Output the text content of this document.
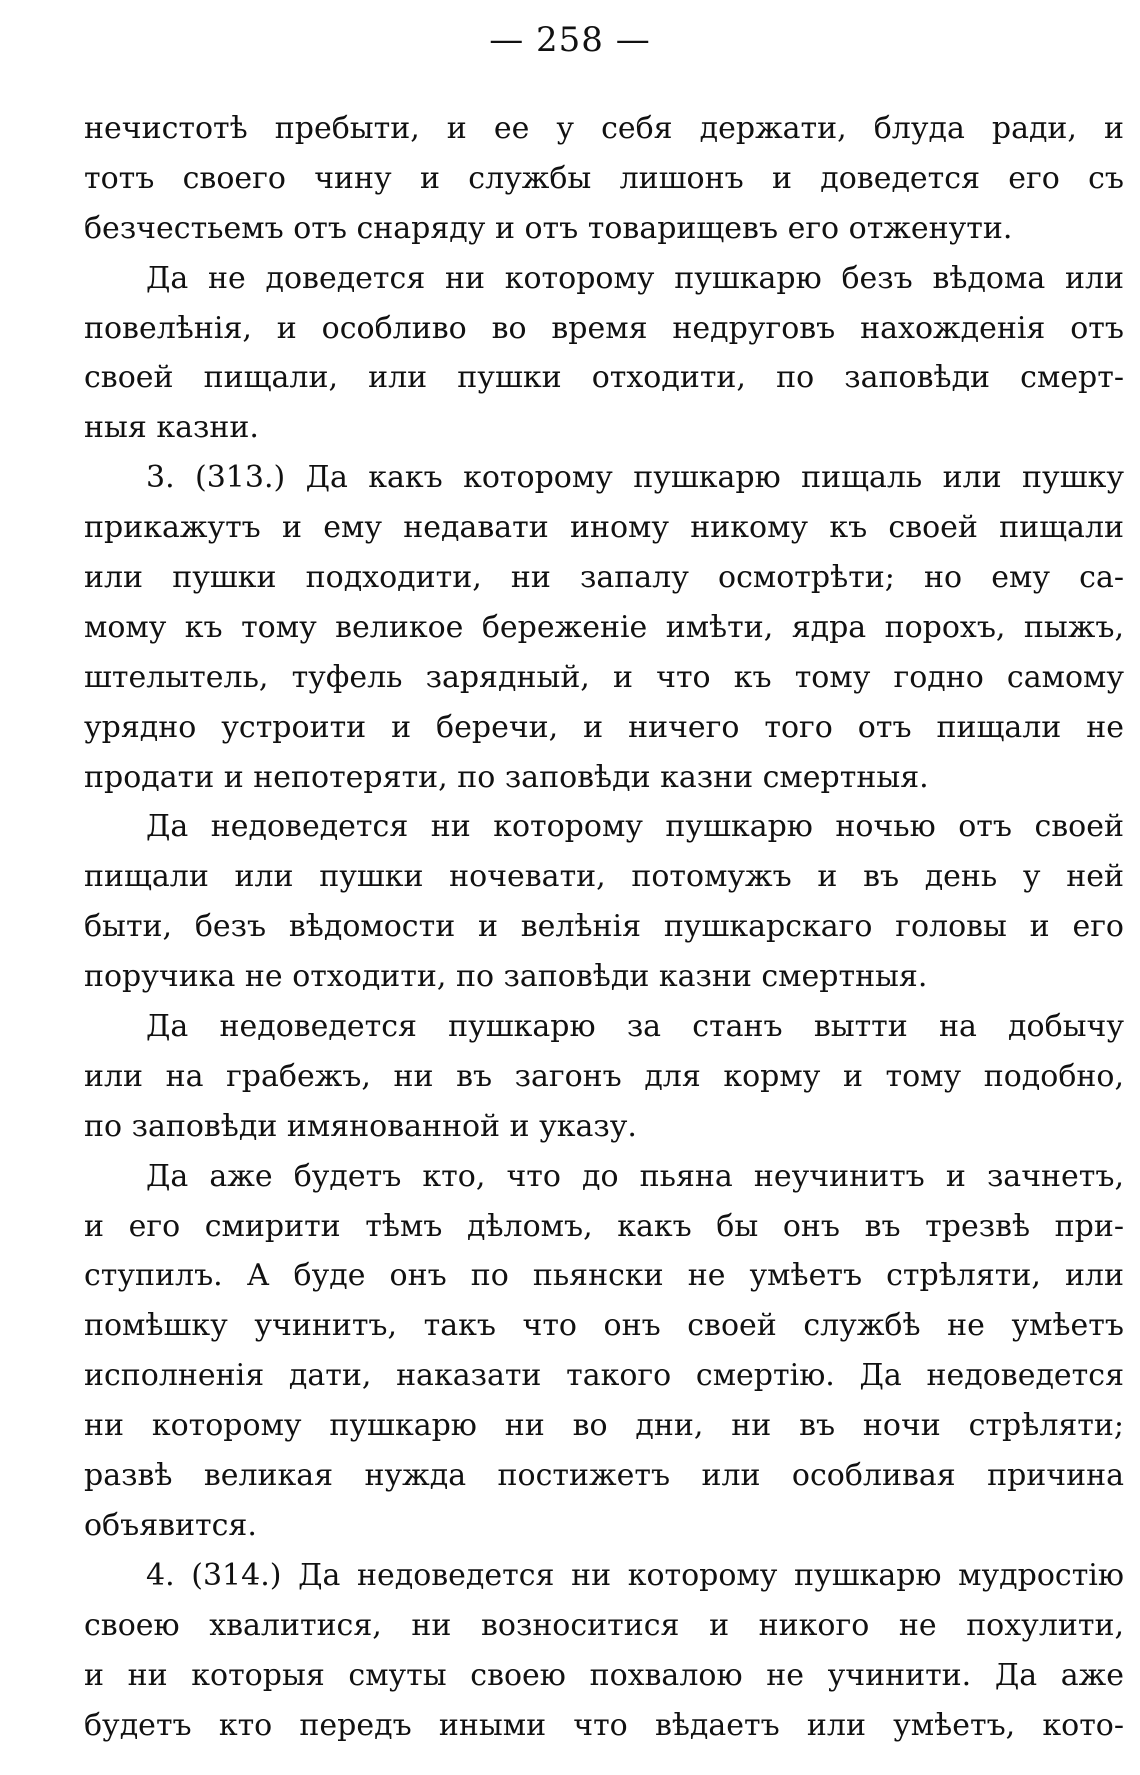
— 258 —
нечистотѣ пребыти, и ее у себя держати, блуда ради, и
тотъ своего чину и службы лишонъ и доведется его съ
безчестьемъ отъ снаряду и отъ товарищевъ его отженути.
Да не доведется ни которому пушкарю безъ вѣдома или
повелѣнія, и особливо во время недруговъ нахожденія отъ
своей пищали, или пушки отходити, по заповѣди смерт-
ныя казни.
3. (313.) Да какъ которому пушкарю пищаль или пушку
прикажутъ и ему недавати иному никому къ своей пищали
или пушки подходити, ни запалу осмотрѣти; но ему са-
мому къ тому великое береженіе имѣти, ядра порохъ, пыжъ,
штелытель, туфель зарядный, и что къ тому годно самому
урядно устроити и беречи, и ничего того отъ пищали не
продати и непотеряти, по заповѣди казни смертныя.
Да недоведется ни которому пушкарю ночью отъ своей
пищали или пушки ночевати, потомужъ и въ день у ней
быти, безъ вѣдомости и велѣнія пушкарскаго головы и его
поручика не отходити, по заповѣди казни смертныя.
Да недоведется пушкарю за станъ вытти на добычу
или на грабежъ, ни въ загонъ для корму и тому подобно,
по заповѣди имянованной и указу.
Да аже будетъ кто, что до пьяна неучинитъ и зачнетъ,
и его смирити тѣмъ дѣломъ, какъ бы онъ въ трезвѣ при-
ступилъ. А буде онъ по пьянски не умѣетъ стрѣляти, или
помѣшку учинитъ, такъ что онъ своей службѣ не умѣетъ
исполненія дати, наказати такого смертію. Да недоведется
ни которому пушкарю ни во дни, ни въ ночи стрѣляти;
развѣ великая нужда постижетъ или особливая причина
объявится.
4. (314.) Да недоведется ни которому пушкарю мудростію
своею хвалитися, ни возноситися и никого не похулити,
и ни которыя смуты своею похвалою не учинити. Да аже
будетъ кто передъ иными что вѣдаетъ или умѣетъ, кото-
